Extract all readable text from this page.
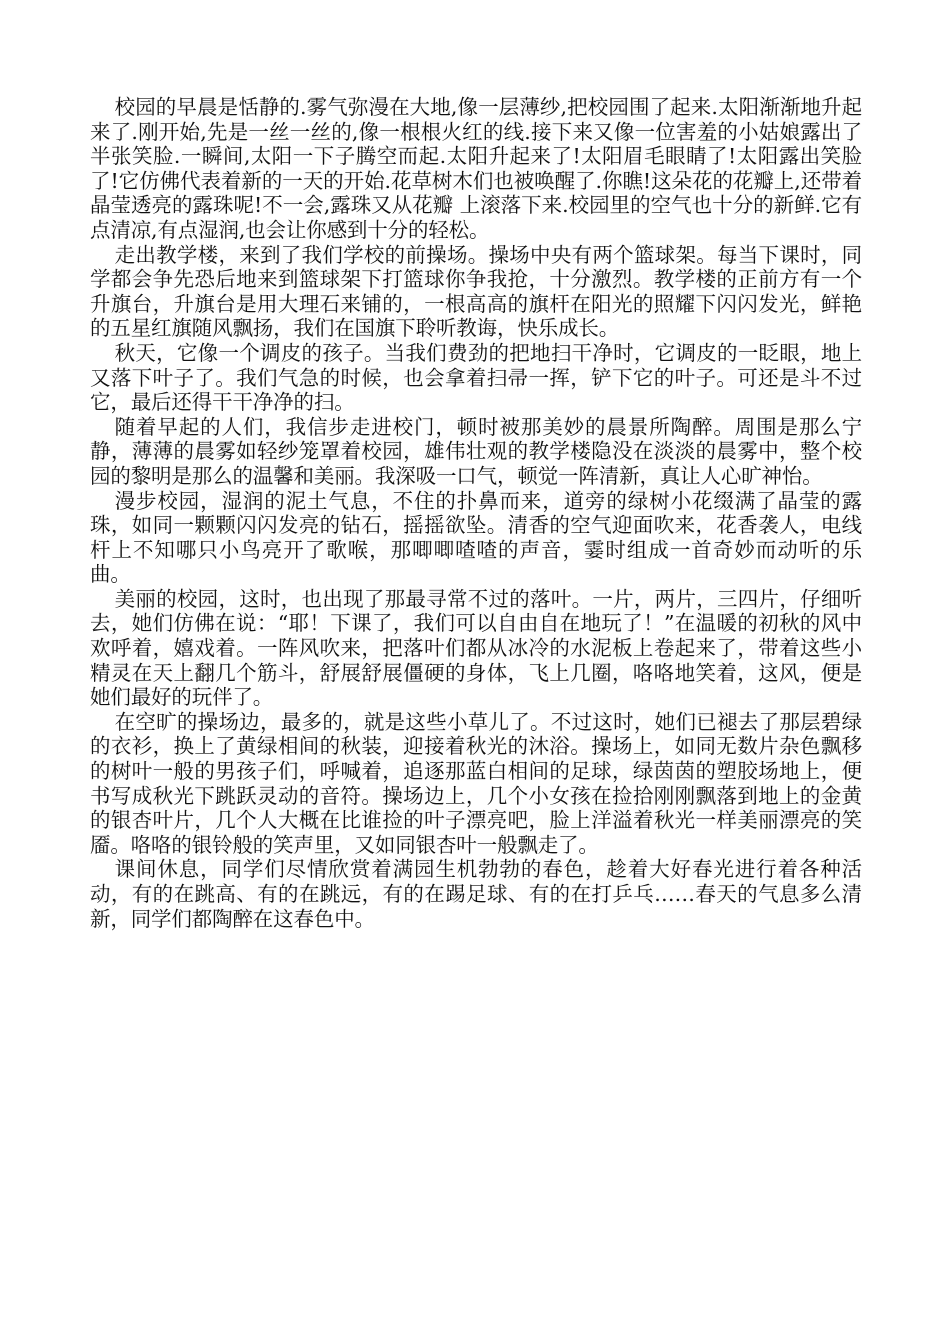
校园的早晨是恬静的.雾气弥漫在大地,像一层薄纱,把校园围了起来.太阳渐渐地升起来了.刚开始,先是一丝一丝的,像一根根火红的线.接下来又像一位害羞的小姑娘露出了半张笑脸.一瞬间,太阳一下子腾空而起.太阳升起来了!太阳眉毛眼睛了!太阳露出笑脸了!它仿佛代表着新的一天的开始.花草树木们也被唤醒了.你瞧!这朵花的花瓣上,还带着晶莹透亮的露珠呢!不一会,露珠又从花瓣 上滚落下来.校园里的空气也十分的新鲜.它有点清凉,有点湿润,也会让你感到十分的轻松。

走出教学楼，来到了我们学校的前操场。操场中央有两个篮球架。每当下课时，同学都会争先恐后地来到篮球架下打篮球你争我抢，十分激烈。教学楼的正前方有一个升旗台，升旗台是用大理石来铺的，一根高高的旗杆在阳光的照耀下闪闪发光，鲜艳的五星红旗随风飘扬，我们在国旗下聆听教诲，快乐成长。

秋天，它像一个调皮的孩子。当我们费劲的把地扫干净时，它调皮的一眨眼，地上又落下叶子了。我们气急的时候，也会拿着扫帚一挥，铲下它的叶子。可还是斗不过它，最后还得干干净净的扫。

随着早起的人们，我信步走进校门，顿时被那美妙的晨景所陶醉。周围是那么宁静，薄薄的晨雾如轻纱笼罩着校园，雄伟壮观的教学楼隐没在淡淡的晨雾中，整个校园的黎明是那么的温馨和美丽。我深吸一口气，顿觉一阵清新，真让人心旷神怡。

漫步校园，湿润的泥土气息，不住的扑鼻而来，道旁的绿树小花缀满了晶莹的露珠，如同一颗颗闪闪发亮的钻石，摇摇欲坠。清香的空气迎面吹来，花香袭人，电线杆上不知哪只小鸟亮开了歌喉，那唧唧喳喳的声音，霎时组成一首奇妙而动听的乐曲。

美丽的校园，这时，也出现了那最寻常不过的落叶。一片，两片，三四片，仔细听去，她们仿佛在说：“耶！下课了，我们可以自由自在地玩了！”在温暖的初秋的风中欢呼着，嬉戏着。一阵风吹来，把落叶们都从冰冷的水泥板上卷起来了，带着这些小精灵在天上翻几个筋斗，舒展舒展僵硬的身体，飞上几圈，咯咯地笑着，这风，便是她们最好的玩伴了。

在空旷的操场边，最多的，就是这些小草儿了。不过这时，她们已褪去了那层碧绿的衣衫，换上了黄绿相间的秋装，迎接着秋光的沐浴。操场上，如同无数片杂色飘移的树叶一般的男孩子们，呼喊着，追逐那蓝白相间的足球，绿茵茵的塑胶场地上，便书写成秋光下跳跃灵动的音符。操场边上，几个小女孩在捡拾刚刚飘落到地上的金黄的银杏叶片，几个人大概在比谁捡的叶子漂亮吧，脸上洋溢着秋光一样美丽漂亮的笑靥。咯咯的银铃般的笑声里，又如同银杏叶一般飘走了。

课间休息，同学们尽情欣赏着满园生机勃勃的春色，趁着大好春光进行着各种活动，有的在跳高、有的在跳远，有的在踢足球、有的在打乒乓……春天的气息多么清新，同学们都陶醉在这春色中。
